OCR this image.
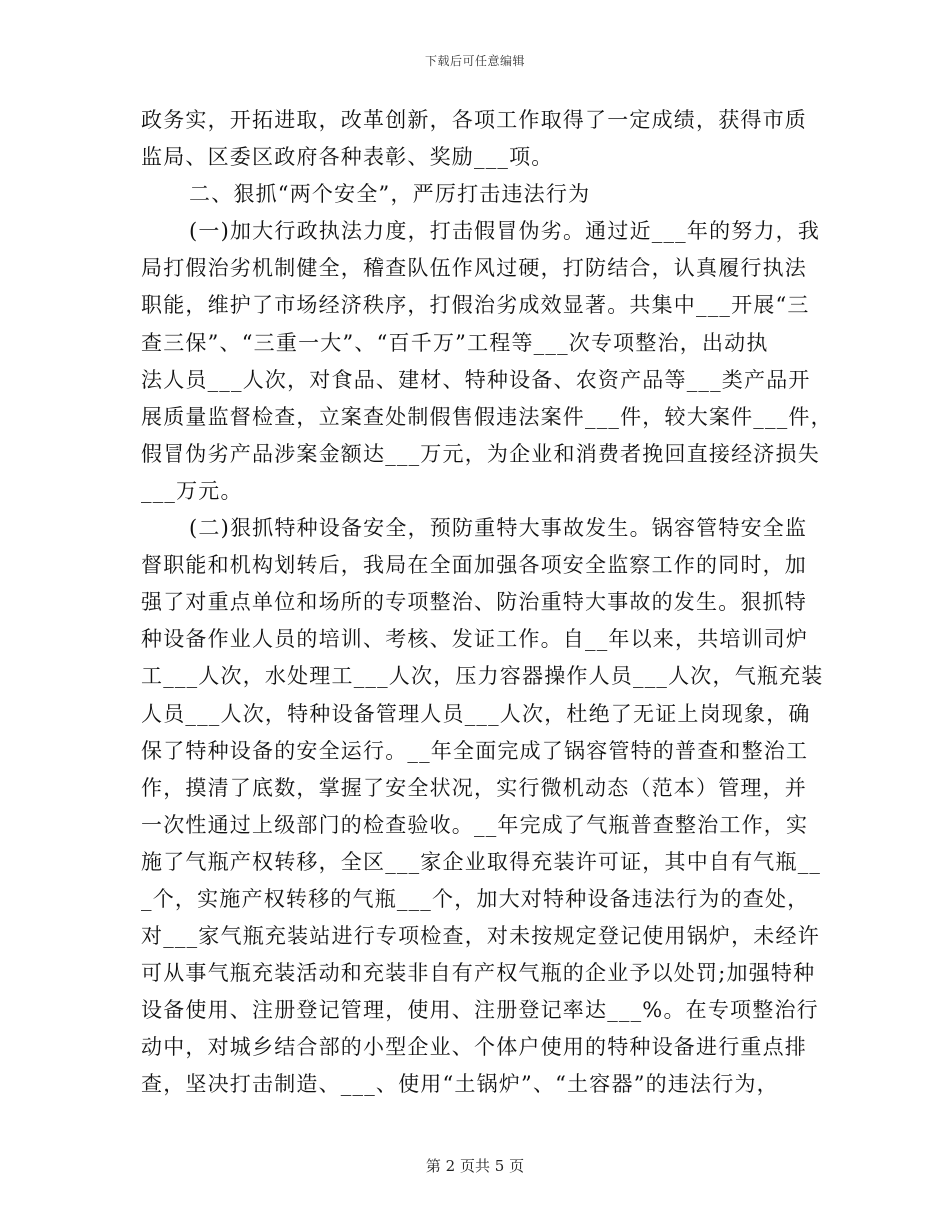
下载后可任意编辑
政务实，开拓进取，改革创新，各项工作取得了一定成绩，获得市质
监局、区委区政府各种表彰、奖励___项。
二、狠抓“两个安全”，严厉打击违法行为
(一)加大行政执法力度，打击假冒伪劣。通过近___年的努力，我
局打假治劣机制健全，稽查队伍作风过硬，打防结合，认真履行执法
职能，维护了市场经济秩序，打假治劣成效显著。共集中___开展“三
查三保”、“三重一大”、“百千万”工程等___次专项整治，出动执
法人员___人次，对食品、建材、特种设备、农资产品等___类产品开
展质量监督检查，立案查处制假售假违法案件___件，较大案件___件，
假冒伪劣产品涉案金额达___万元，为企业和消费者挽回直接经济损失
___万元。
(二)狠抓特种设备安全，预防重特大事故发生。锅容管特安全监
督职能和机构划转后，我局在全面加强各项安全监察工作的同时，加
强了对重点单位和场所的专项整治、防治重特大事故的发生。狠抓特
种设备作业人员的培训、考核、发证工作。自__年以来，共培训司炉
工___人次，水处理工___人次，压力容器操作人员___人次，气瓶充装
人员___人次，特种设备管理人员___人次，杜绝了无证上岗现象，确
保了特种设备的安全运行。__年全面完成了锅容管特的普查和整治工
作，摸清了底数，掌握了安全状况，实行微机动态（范本）管理，并
一次性通过上级部门的检查验收。__年完成了气瓶普查整治工作，实
施了气瓶产权转移，全区___家企业取得充装许可证，其中自有气瓶__
_个，实施产权转移的气瓶___个，加大对特种设备违法行为的查处，
对___家气瓶充装站进行专项检查，对未按规定登记使用锅炉，未经许
可从事气瓶充装活动和充装非自有产权气瓶的企业予以处罚;加强特种
设备使用、注册登记管理，使用、注册登记率达___%。在专项整治行
动中，对城乡结合部的小型企业、个体户使用的特种设备进行重点排
查，坚决打击制造、___、使用“土锅炉”、“土容器”的违法行为，
第 2 页共 5 页
